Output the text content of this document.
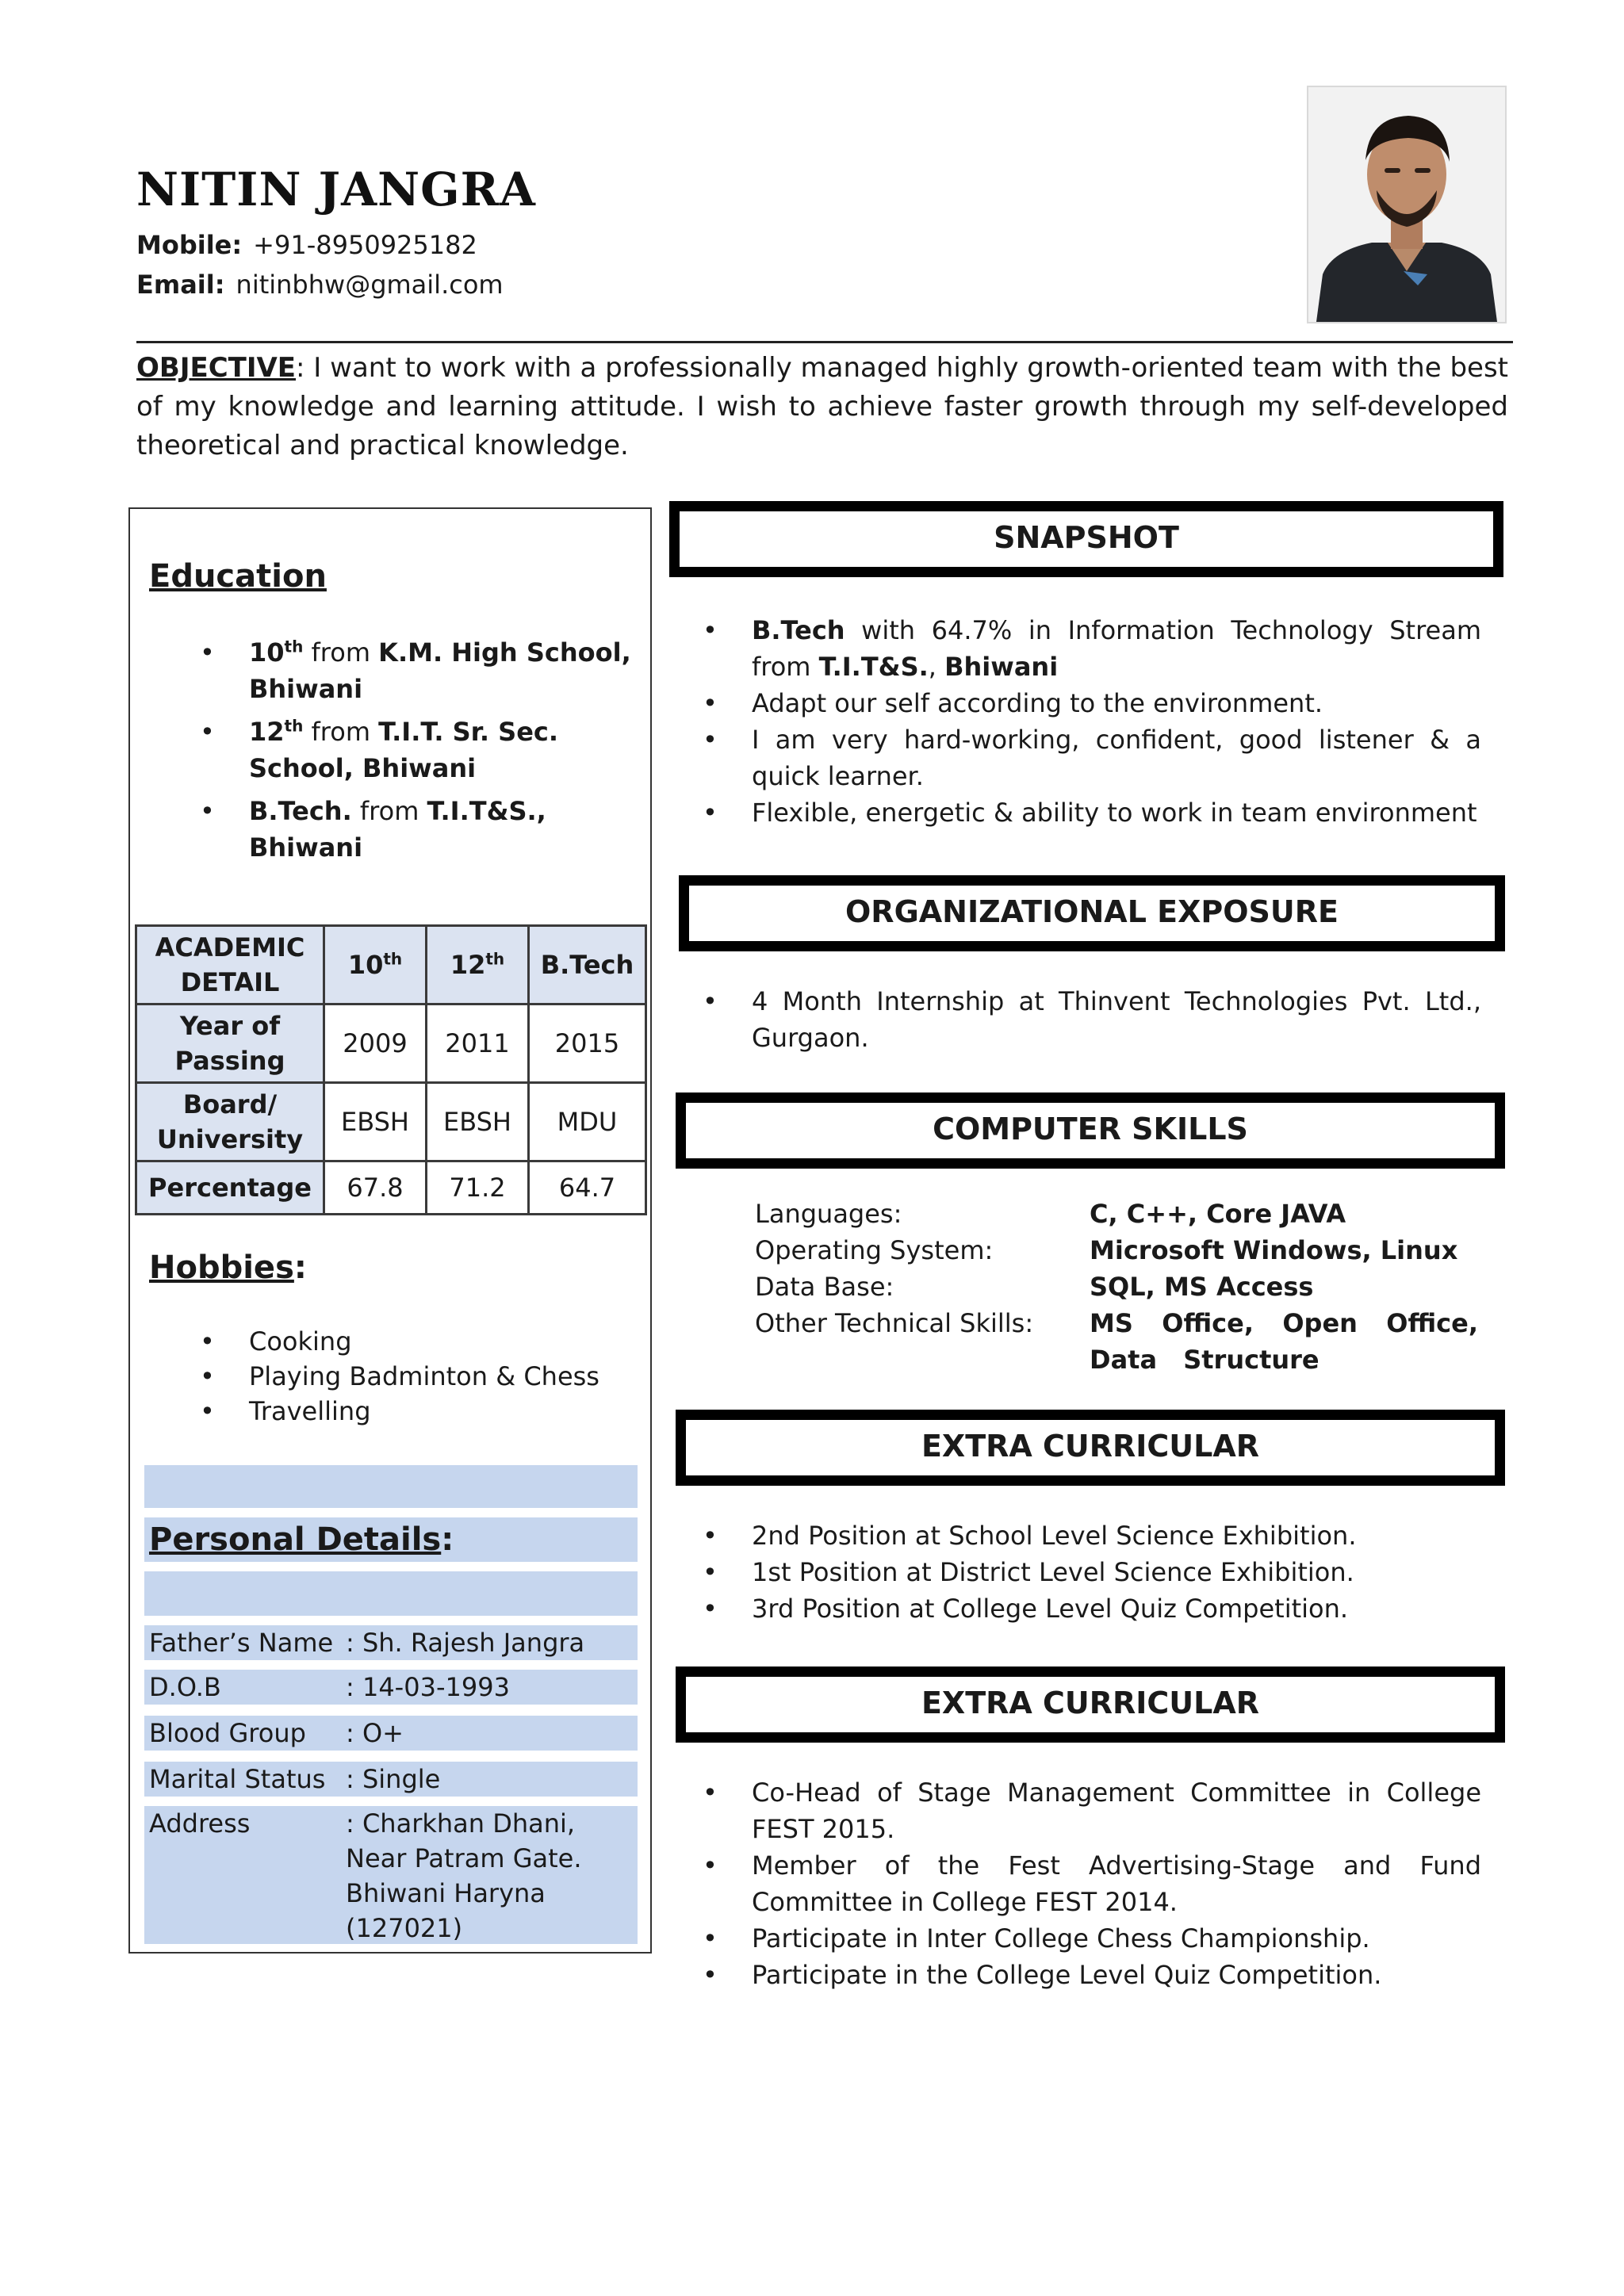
NITIN JANGRA
Mobile: +91-8950925182
Email: nitinbhw@gmail.com
OBJECTIVE: I want to work with a professionally managed highly growth-oriented team with the best of my knowledge and learning attitude. I wish to achieve faster growth through my self-developed theoretical and practical knowledge.
Education
• 10th from K.M. High School, Bhiwani
• 12th from T.I.T. Sr. Sec. School, Bhiwani
• B.Tech. from T.I.T&S., Bhiwani
ACADEMIC DETAIL	10th	12th	B.Tech
Year of Passing	2009	2011	2015
Board/ University	EBSH	EBSH	MDU
Percentage	67.8	71.2	64.7
Hobbies:
• Cooking
• Playing Badminton & Chess
• Travelling
Personal Details:
Father’s Name : Sh. Rajesh Jangra
D.O.B	: 14-03-1993
Blood Group : O+
Marital Status : Single
Address	: Charkhan Dhani,
Near Patram Gate.
Bhiwani Haryna
(127021)
SNAPSHOT
• B.Tech with 64.7% in Information Technology Stream from T.I.T&S., Bhiwani
• Adapt our self according to the environment.
• I am very hard-working, confident, good listener & a quick learner.
• Flexible, energetic & ability to work in team environment
ORGANIZATIONAL EXPOSURE
• 4 Month Internship at Thinvent Technologies Pvt. Ltd., Gurgaon.
COMPUTER SKILLS
Languages:	C, C++, Core JAVA
Operating System:	Microsoft Windows, Linux
Data Base:	SQL, MS Access
Other Technical Skills: MS Office, Open Office, Data Structure
EXTRA CURRICULAR
• 2nd Position at School Level Science Exhibition.
• 1st Position at District Level Science Exhibition.
• 3rd Position at College Level Quiz Competition.
EXTRA CURRICULAR
• Co-Head of Stage Management Committee in College FEST 2015.
• Member of the Fest Advertising-Stage and Fund Committee in College FEST 2014.
• Participate in Inter College Chess Championship.
• Participate in the College Level Quiz Competition.
